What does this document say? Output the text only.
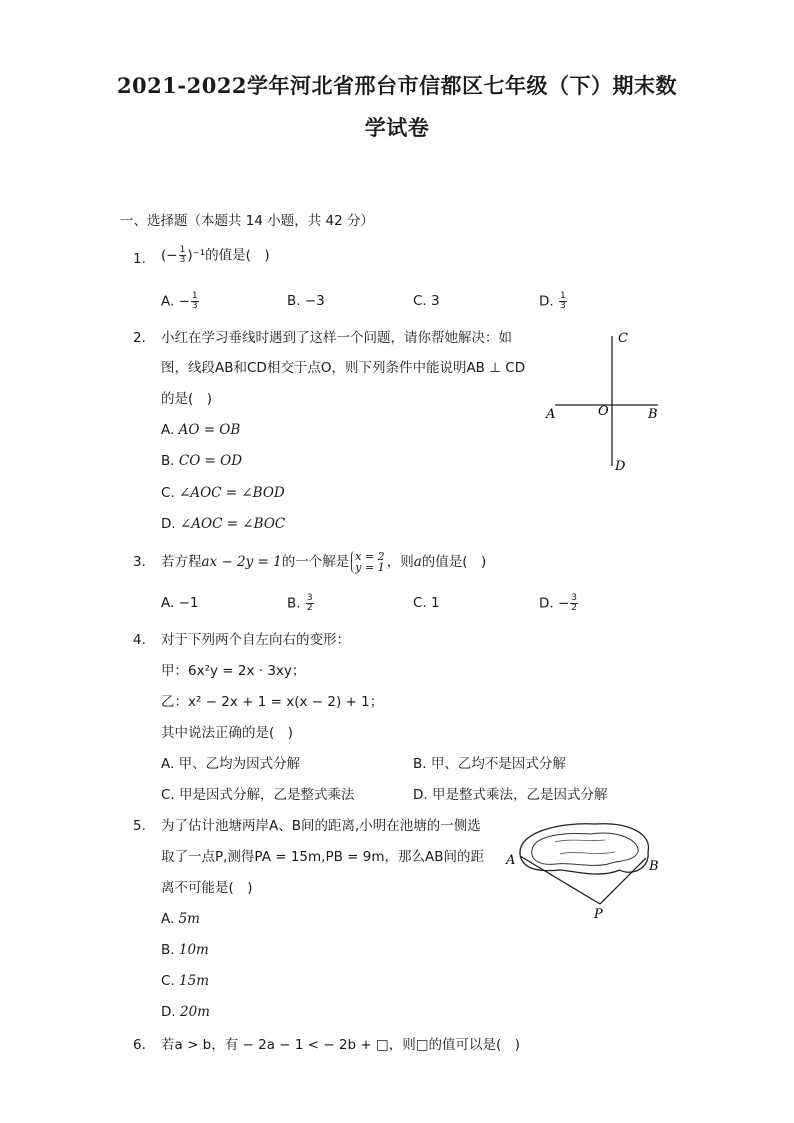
2021-2022学年河北省邢台市信都区七年级（下）期末数
学试卷
一、选择题（本题共 14 小题，共 42 分）
1. (− $\frac{1}{3} )^{-1}$的值是(　)
A. − $\frac{1}{3}$	B. −3	C. 3	D. $\frac{1}{3}$
2. 小红在学习垂线时遇到了这样一个问题，请你帮她解决：如
图，线段AB和CD相交于点O，则下列条件中能说明AB ⊥ CD
的是(　)
A. AO = OB
B. CO = OD
C. ∠AOC = ∠BOD
D. ∠AOC = ∠BOC
C
A	O	B
D
3. 若方程ax − 2y = 1的一个解是 x = 2
y = 1 ，则a的值是(　)
A. −1	B. $\frac{3}{2}$	C. 1	D. − $\frac{3}{2}$
4. 对于下列两个自左向右的变形：
甲：6x²y = 2x · 3xy；
乙：x² − 2x + 1 = x(x − 2) + 1；
其中说法正确的是(　)
A. 甲、乙均为因式分解	B. 甲、乙均不是因式分解
C. 甲是因式分解，乙是整式乘法	D. 甲是整式乘法，乙是因式分解
5. 为了估计池塘两岸A、B间的距离,小明在池塘的一侧选
取了一点P,测得PA = 15m,PB = 9m，那么AB间的距
离不可能是(　)
A. 5m
B. 10m
C. 15m
D. 20m
A	B
P
6. 若a > b，有 − 2a − 1 < − 2b + □，则□的值可以是(　)
